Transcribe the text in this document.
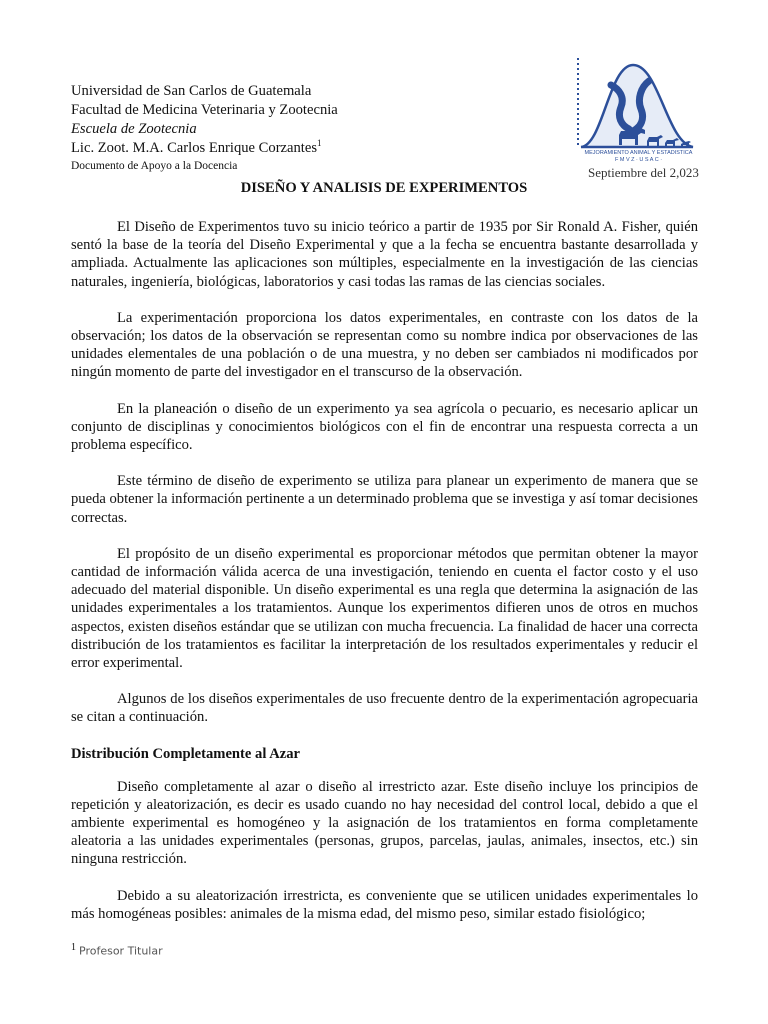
Universidad de San Carlos de Guatemala
Facultad de Medicina Veterinaria y Zootecnia
Escuela de Zootecnia
Lic. Zoot. M.A. Carlos Enrique Corzantes$^1$
Documento de Apoyo a la Docencia
MEJORAMIENTO ANIMAL Y ESTADISTICA
F M V Z · U S A C ·
Septiembre del 2,023
DISEÑO Y ANALISIS DE EXPERIMENTOS

El Diseño de Experimentos tuvo su inicio teórico a partir de 1935 por Sir Ronald A. Fisher, quién sentó la base de la teoría del Diseño Experimental y que a la fecha se encuentra bastante desarrollada y ampliada. Actualmente las aplicaciones son múltiples, especialmente en la investigación de las ciencias naturales, ingeniería, biológicas, laboratorios y casi todas las ramas de las ciencias sociales.

La experimentación proporciona los datos experimentales, en contraste con los datos de la observación; los datos de la observación se representan como su nombre indica por observaciones de las unidades elementales de una población o de una muestra, y no deben ser cambiados ni modificados por ningún momento de parte del investigador en el transcurso de la observación.

En la planeación o diseño de un experimento ya sea agrícola o pecuario, es necesario aplicar un conjunto de disciplinas y conocimientos biológicos con el fin de encontrar una respuesta correcta a un problema específico.

Este término de diseño de experimento se utiliza para planear un experimento de manera que se pueda obtener la información pertinente a un determinado problema que se investiga y así tomar decisiones correctas.

El propósito de un diseño experimental es proporcionar métodos que permitan obtener la mayor cantidad de información válida acerca de una investigación, teniendo en cuenta el factor costo y el uso adecuado del material disponible. Un diseño experimental es una regla que determina la asignación de las unidades experimentales a los tratamientos. Aunque los experimentos difieren unos de otros en muchos aspectos, existen diseños estándar que se utilizan con mucha frecuencia. La finalidad de hacer una correcta distribución de los tratamientos es facilitar la interpretación de los resultados experimentales y reducir el error experimental.

Algunos de los diseños experimentales de uso frecuente dentro de la experimentación agropecuaria se citan a continuación.

Distribución Completamente al Azar

Diseño completamente al azar o diseño al irrestricto azar. Este diseño incluye los principios de repetición y aleatorización, es decir es usado cuando no hay necesidad del control local, debido a que el ambiente experimental es homogéneo y la asignación de los tratamientos en forma completamente aleatoria a las unidades experimentales (personas, grupos, parcelas, jaulas, animales, insectos, etc.) sin ninguna restricción.

Debido a su aleatorización irrestricta, es conveniente que se utilicen unidades experimentales lo más homogéneas posibles: animales de la misma edad, del mismo peso, similar estado fisiológico;

1 Profesor Titular
